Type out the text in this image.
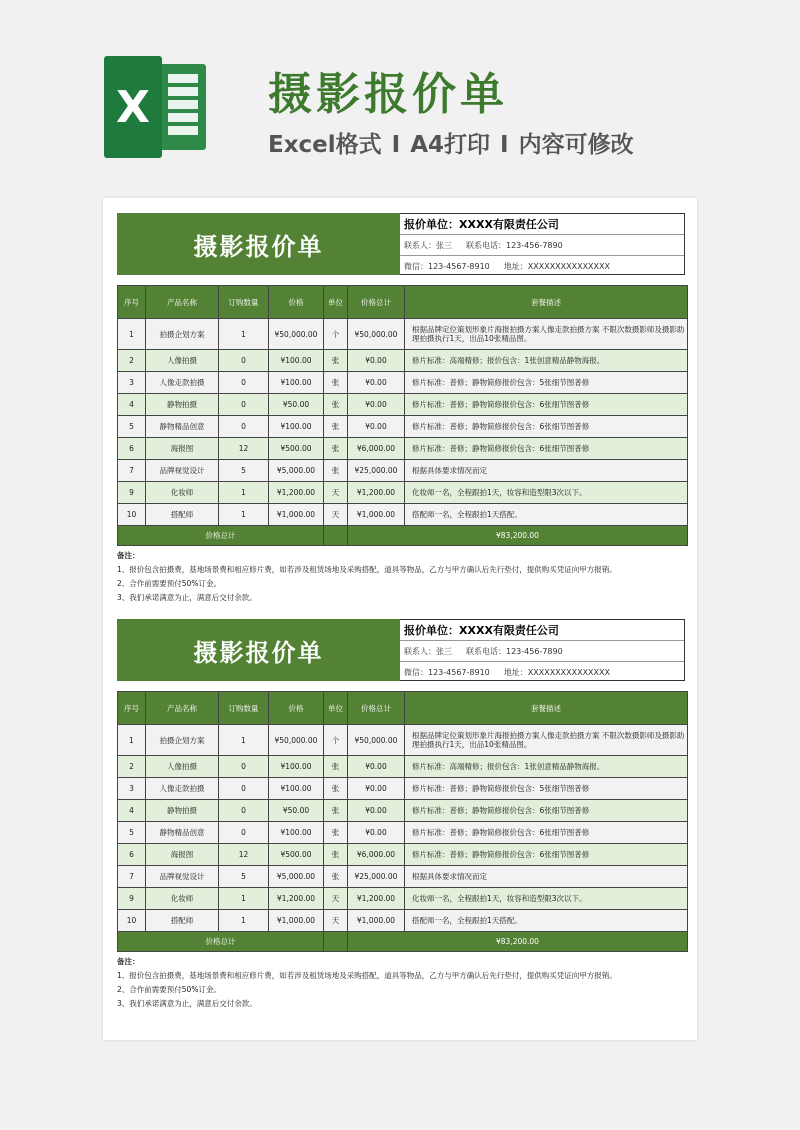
X	摄影报价单
Excel格式 I A4打印 I 内容可修改
摄影报价单
报价单位：XXXX有限责任公司
联系人： 张三 联系电话： 123-456-7890
微信： 123-4567-8910 地址： XXXXXXXXXXXXXXX
序号	产品名称	订购数量	价格	单位	价格总计	套餐描述
1	拍摄企划方案	1	¥50,000.00	个	¥50,000.00	根据品牌定位策划形象片海报拍摄方案人像走款拍摄方案 不限次数摄影师及摄影助理拍摄执行1天，出品10张精品图。
2	人像拍摄	0	¥100.00	张	¥0.00	修片标准：高端精修；报价包含：1张创意精品静物海报。
3	人像走款拍摄	0	¥100.00	张	¥0.00	修片标准：普修；静物简修报价包含：5张细节图普修
4	静物拍摄	0	¥50.00	张	¥0.00	修片标准：普修；静物简修报价包含：6张细节图普修
5	静物精品创意	0	¥100.00	张	¥0.00	修片标准：普修；静物简修报价包含：6张细节图普修
6	海报图	12	¥500.00	张	¥6,000.00	修片标准：普修；静物简修报价包含：6张细节图普修
7	品牌视觉设计	5	¥5,000.00	张	¥25,000.00	根据具体要求情况而定
9	化妆师	1	¥1,200.00	天	¥1,200.00	化妆师一名，全程跟拍1天，妆容和造型限3次以下。
10	搭配师	1	¥1,000.00	天	¥1,000.00	搭配师一名，全程跟拍1天搭配。
价格总计					¥83,200.00	
备注：
1、报价包含拍摄费，基地场景费和相应修片费，如若涉及租赁场地及采购搭配，道具等物品，乙方与甲方确认后先行垫付，提供购买凭证向甲方报销。
2、合作前需要预付50%订金。
3、我们承诺满意为止，满意后交付余款。
摄影报价单
报价单位：XXXX有限责任公司
联系人： 张三 联系电话： 123-456-7890
微信： 123-4567-8910 地址： XXXXXXXXXXXXXXX
序号	产品名称	订购数量	价格	单位	价格总计	套餐描述
1	拍摄企划方案	1	¥50,000.00	个	¥50,000.00	根据品牌定位策划形象片海报拍摄方案人像走款拍摄方案 不限次数摄影师及摄影助理拍摄执行1天，出品10张精品图。
2	人像拍摄	0	¥100.00	张	¥0.00	修片标准：高端精修；报价包含：1张创意精品静物海报。
3	人像走款拍摄	0	¥100.00	张	¥0.00	修片标准：普修；静物简修报价包含：5张细节图普修
4	静物拍摄	0	¥50.00	张	¥0.00	修片标准：普修；静物简修报价包含：6张细节图普修
5	静物精品创意	0	¥100.00	张	¥0.00	修片标准：普修；静物简修报价包含：6张细节图普修
6	海报图	12	¥500.00	张	¥6,000.00	修片标准：普修；静物简修报价包含：6张细节图普修
7	品牌视觉设计	5	¥5,000.00	张	¥25,000.00	根据具体要求情况而定
9	化妆师	1	¥1,200.00	天	¥1,200.00	化妆师一名，全程跟拍1天，妆容和造型限3次以下。
10	搭配师	1	¥1,000.00	天	¥1,000.00	搭配师一名，全程跟拍1天搭配。
价格总计					¥83,200.00	
备注：
1、报价包含拍摄费，基地场景费和相应修片费，如若涉及租赁场地及采购搭配，道具等物品，乙方与甲方确认后先行垫付，提供购买凭证向甲方报销。
2、合作前需要预付50%订金。
3、我们承诺满意为止，满意后交付余款。
